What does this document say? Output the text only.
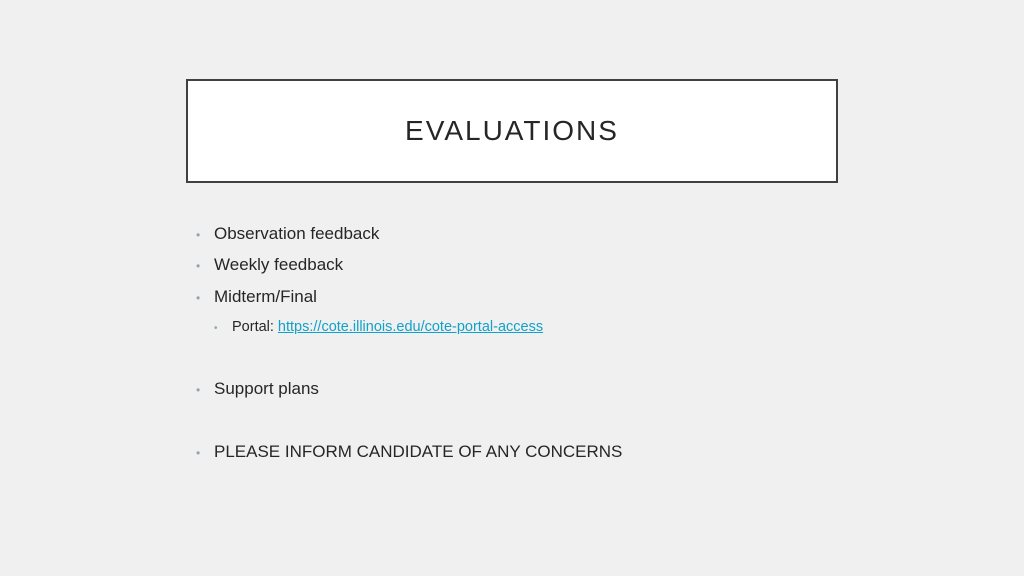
EVALUATIONS
• Observation feedback
• Weekly feedback
• Midterm/Final
• Portal: https://cote.illinois.edu/cote-portal-access
• Support plans
• PLEASE INFORM CANDIDATE OF ANY CONCERNS
